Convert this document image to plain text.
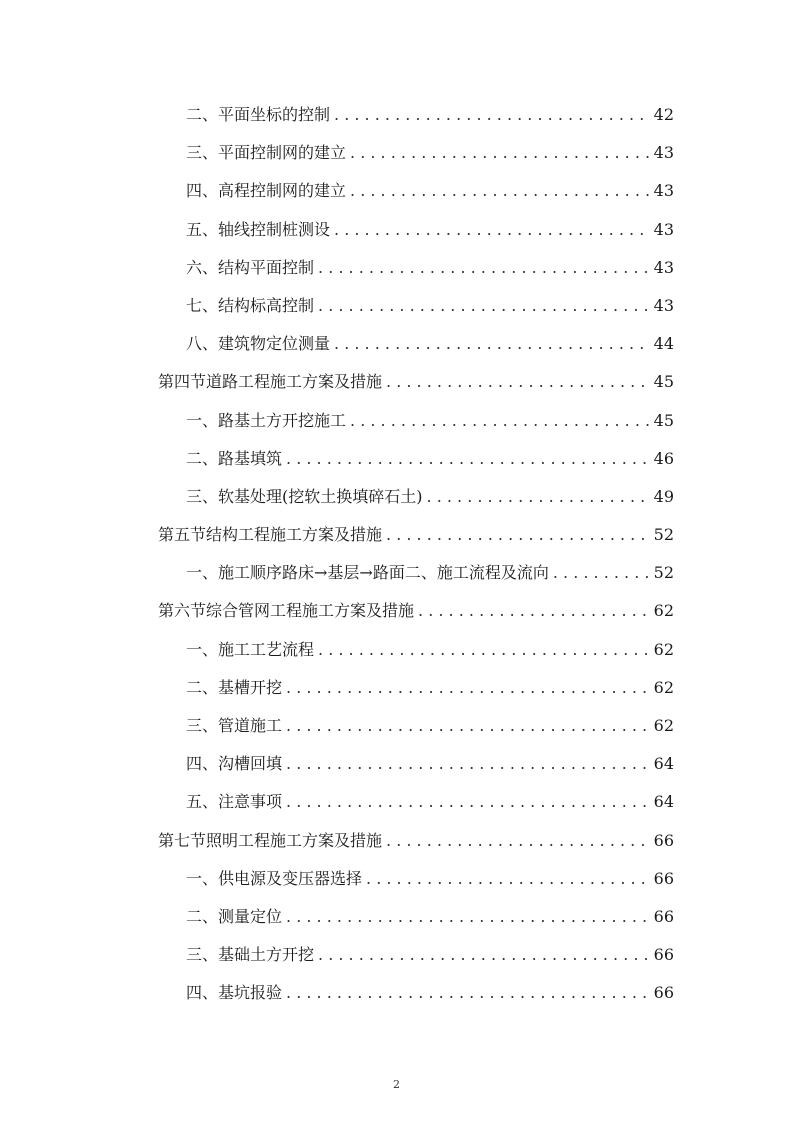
二、 平面坐标的控制 . . .	42
三、 平面控制网的建立 . . .	43
四、 高程控制网的建立 . . .	43
五、 轴线控制桩测设 . . .	43
六、 结构平面控制 . . .	43
七、 结构标高控制 . . .	43
八、 建筑物定位测量 . . .	44
第四节 道路工程施工方案及措施 . . .	45
一、 路基土方开挖施工 . . .	45
二、 路基填筑 . . .	46
三、 软基处理(挖软土换填碎石土) . . .	49
第五节 结构工程施工方案及措施 . . .	52
一、 施工顺序路床→基层→路面二、施工流程及流向 . . .	52
第六节 综合管网工程施工方案及措施 . . .	62
一、 施工工艺流程 . . .	62
二、 基槽开挖 . . .	62
三、 管道施工 . . .	62
四、 沟槽回填 . . .	64
五、 注意事项 . . .	64
第七节 照明工程施工方案及措施 . . .	66
一、 供电源及变压器选择 . . .	66
二、 测量定位 . . .	66
三、 基础土方开挖 . . .	66
四、 基坑报验 . . .	66
2
